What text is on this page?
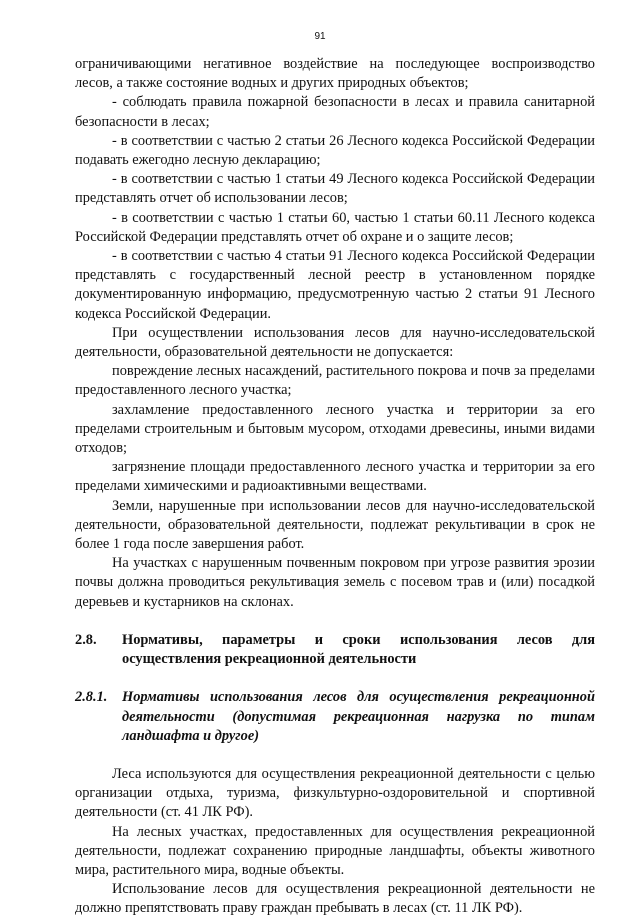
91

ограничивающими негативное воздействие на последующее воспроизводство лесов, а также состояние водных и других природных объектов;

- соблюдать правила пожарной безопасности в лесах и правила санитарной безопасности в лесах;

- в соответствии с частью 2 статьи 26 Лесного кодекса Российской Федерации подавать ежегодно лесную декларацию;

- в соответствии с частью 1 статьи 49 Лесного кодекса Российской Федерации представлять отчет об использовании лесов;

- в соответствии с частью 1 статьи 60, частью 1 статьи 60.11 Лесного кодекса Российской Федерации представлять отчет об охране и о защите лесов;

- в соответствии с частью 4 статьи 91 Лесного кодекса Российской Федерации представлять с государственный лесной реестр в установленном порядке документированную информацию, предусмотренную частью 2 статьи 91 Лесного кодекса Российской Федерации.

При осуществлении использования лесов для научно-исследовательской деятельности, образовательной деятельности не допускается:

повреждение лесных насаждений, растительного покрова и почв за пределами предоставленного лесного участка;

захламление предоставленного лесного участка и территории за его пределами строительным и бытовым мусором, отходами древесины, иными видами отходов;

загрязнение площади предоставленного лесного участка и территории за его пределами химическими и радиоактивными веществами.

Земли, нарушенные при использовании лесов для научно-исследовательской деятельности, образовательной деятельности, подлежат рекультивации в срок не более 1 года после завершения работ.

На участках с нарушенным почвенным покровом при угрозе развития эрозии почвы должна проводиться рекультивация земель с посевом трав и (или) посадкой деревьев и кустарников на склонах.

2.8.	Нормативы, параметры и сроки использования лесов для осуществления рекреационной деятельности
2.8.1.	Нормативы использования лесов для осуществления рекреационной деятельности (допустимая рекреационная нагрузка по типам ландшафта и другое)

Леса используются для осуществления рекреационной деятельности с целью организации отдыха, туризма, физкультурно-оздоровительной и спортивной деятельности (ст. 41 ЛК РФ).

На лесных участках, предоставленных для осуществления рекреационной деятельности, подлежат сохранению природные ландшафты, объекты животного мира, растительного мира, водные объекты.

Использование лесов для осуществления рекреационной деятельности не должно препятствовать праву граждан пребывать в лесах (ст. 11 ЛК РФ).
